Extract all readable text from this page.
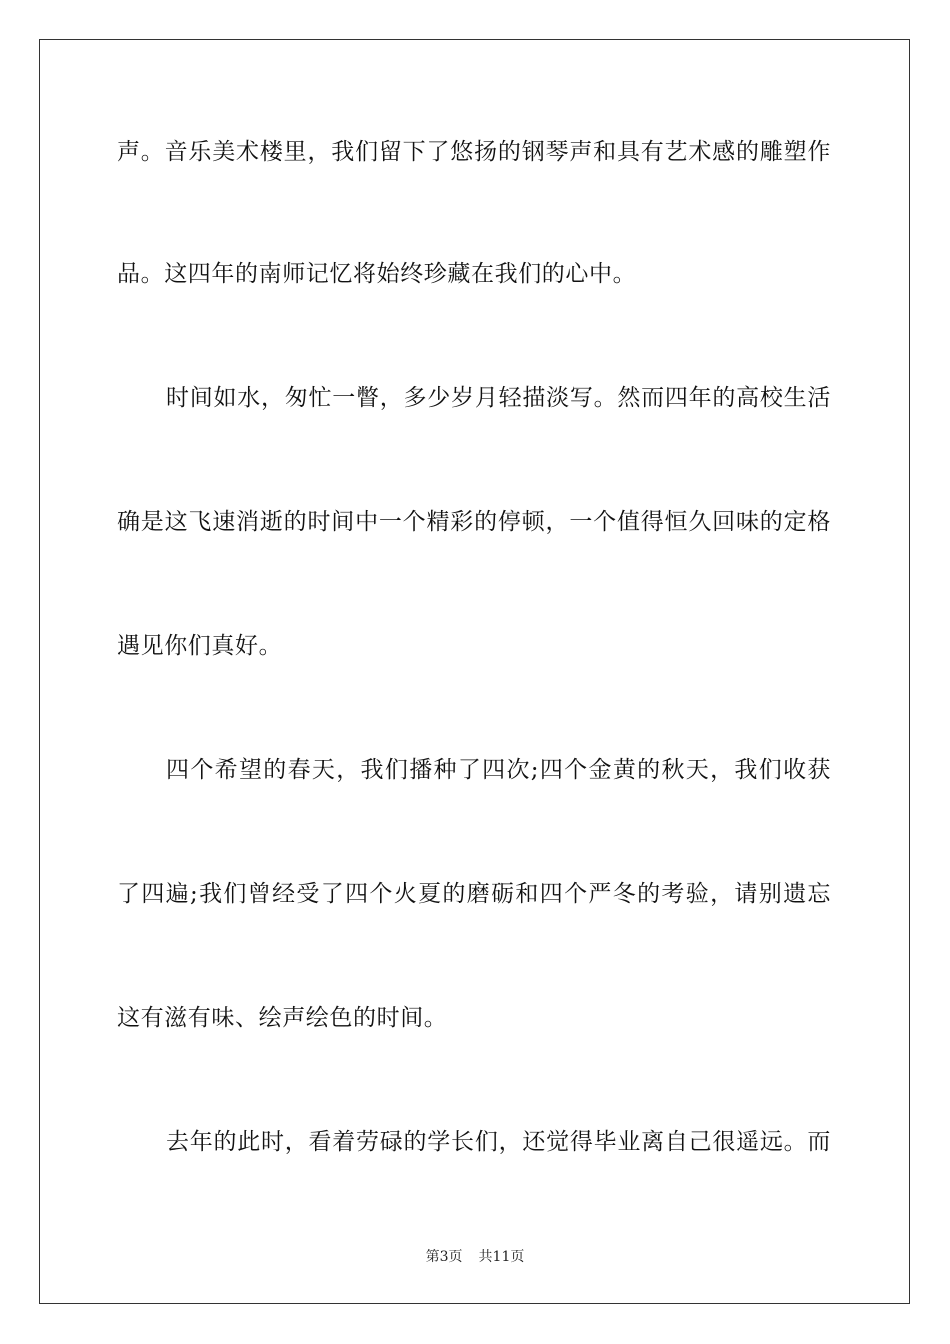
声。音乐美术楼里，我们留下了悠扬的钢琴声和具有艺术感的雕塑作
品。这四年的南师记忆将始终珍藏在我们的心中。
时间如水，匆忙一瞥，多少岁月轻描淡写。然而四年的高校生活
确是这飞速消逝的时间中一个精彩的停顿，一个值得恒久回味的定格
遇见你们真好。
四个希望的春天，我们播种了四次;四个金黄的秋天，我们收获
了四遍;我们曾经受了四个火夏的磨砺和四个严冬的考验，请别遗忘
这有滋有味、绘声绘色的时间。
去年的此时，看着劳碌的学长们，还觉得毕业离自己很遥远。而
第3页 共11页
